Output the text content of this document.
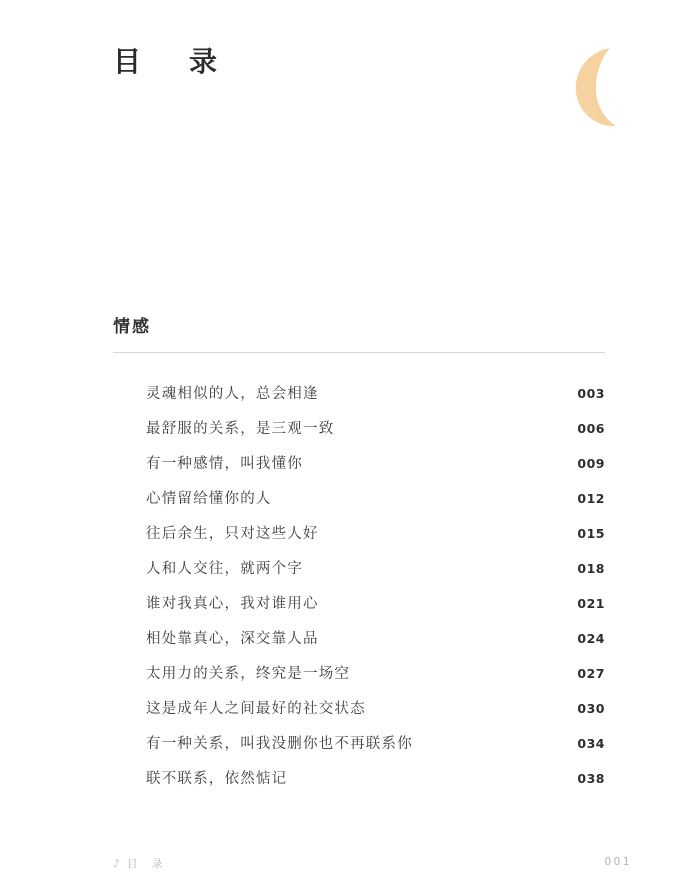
目　录
情感
灵魂相似的人，总会相逢	003
最舒服的关系，是三观一致	006
有一种感情，叫我懂你	009
心情留给懂你的人	012
往后余生，只对这些人好	015
人和人交往，就两个字	018
谁对我真心，我对谁用心	021
相处靠真心，深交靠人品	024
太用力的关系，终究是一场空	027
这是成年人之间最好的社交状态	030
有一种关系，叫我没删你也不再联系你	034
联不联系，依然惦记	038
♪ 目　录	001
